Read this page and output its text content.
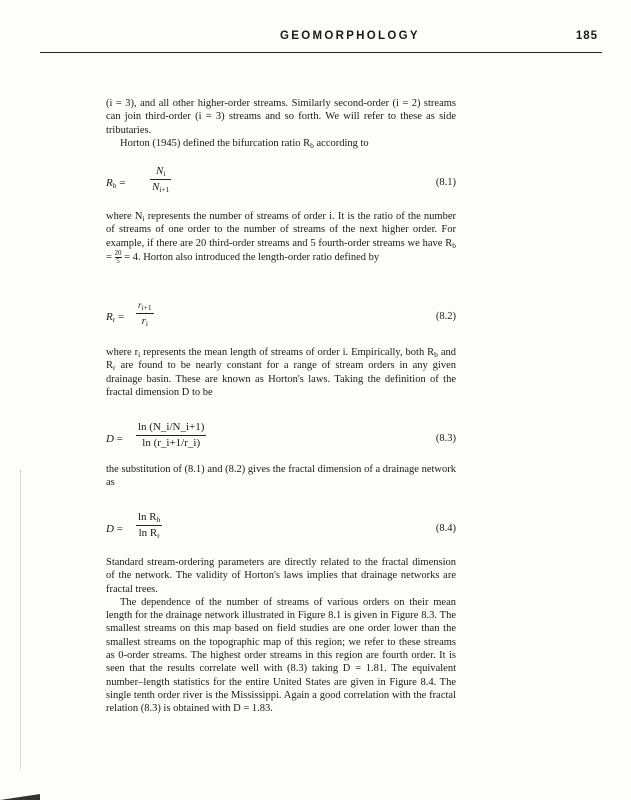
GEOMORPHOLOGY	185

(i = 3), and all other higher-order streams. Similarly second-order (i = 2) streams can join third-order (i = 3) streams and so forth. We will refer to these as side tributaries.

Horton (1945) defined the bifurcation ratio $R_b$ according to

$R_b = \frac{N_i}{N_{i+1}}$	(8.1)

where $N_i$ represents the number of streams of order i. It is the ratio of the number of streams of one order to the number of streams of the next higher order. For example, if there are 20 third-order streams and 5 fourth-order streams we have $R_b = \frac{20}{5} = 4$. Horton also introduced the length-order ratio defined by

$R_r$ =
$r_{i+1}$
$r_i$
(8.2)

where $r_i$ represents the mean length of streams of order i. Empirically, both $R_b$ and $R_r$ are found to be nearly constant for a range of stream orders in any given drainage basin. These are known as Horton's laws. Taking the definition of the fractal dimension D to be

$D = \frac{\ln (N\_i/N\_i+1)}{\ln (r\_i+1/r\_i)}$	(8.3)

the substitution of (8.1) and (8.2) gives the fractal dimension of a drainage network as

$D = \frac{\ln R_b}{\ln R_r}$	(8.4)

Standard stream-ordering parameters are directly related to the fractal dimension of the network. The validity of Horton's laws implies that drainage networks are fractal trees.

The dependence of the number of streams of various orders on their mean length for the drainage network illustrated in Figure 8.1 is given in Figure 8.3. The smallest streams on this map based on field studies are one order lower than the smallest streams on the topographic map of this region; we refer to these streams as 0-order streams. The highest order streams in this region are fourth order. It is seen that the results correlate well with (8.3) taking D = 1.81. The equivalent number–length statistics for the entire United States are given in Figure 8.4. The single tenth order river is the Mississippi. Again a good correlation with the fractal relation (8.3) is obtained with D = 1.83.
